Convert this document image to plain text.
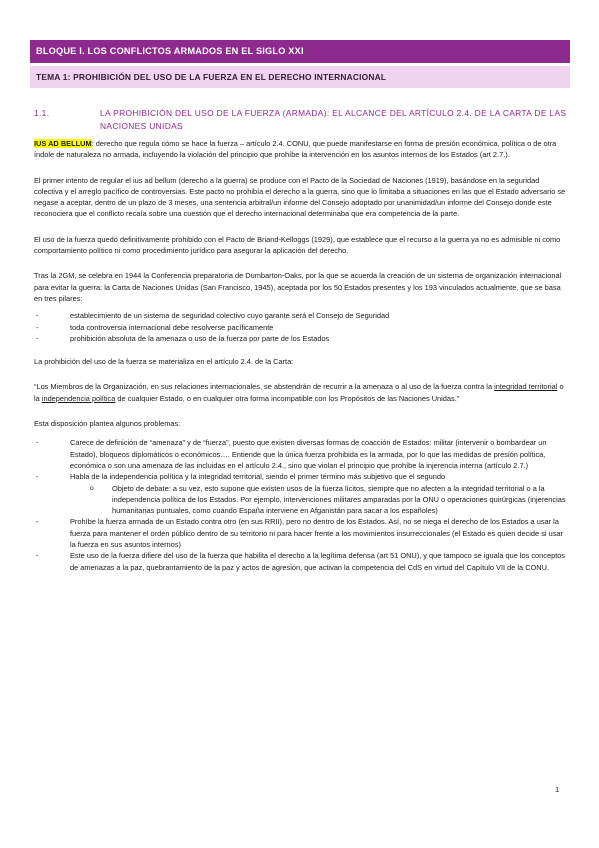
BLOQUE I. LOS CONFLICTOS ARMADOS EN EL SIGLO XXI
TEMA 1: PROHIBICIÓN DEL USO DE LA FUERZA EN EL DERECHO INTERNACIONAL
1.1.	LA PROHIBICIÓN DEL USO DE LA FUERZA (ARMADA): EL ALCANCE DEL ARTÍCULO 2.4. DE LA CARTA DE LAS NACIONES UNIDAS

IUS AD BELLUM: derecho que regula cómo se hace la fuerza – artículo 2.4. CONU, que puede manifestarse en forma de presión económica, política o de otra índole de naturaleza no armada, incluyendo la violación del principio que prohíbe la intervención en los asuntos internos de los Estados (art 2.7.).

El primer intento de regular el ius ad bellum (derecho a la guerra) se produce con el Pacto de la Sociedad de Naciones (1919), basándose en la seguridad colectiva y el arreglo pacífico de controversias. Este pacto no prohibía el derecho a la guerra, sino que lo limitaba a situaciones en las que el Estado adversario se negase a aceptar, dentro de un plazo de 3 meses, una sentencia arbitral/un informe del Consejo adoptado por unanimidad/un informe del Consejo donde este reconociera que el conflicto recaía sobre una cuestión que el derecho internacional determinaba que era competencia de la parte.

El uso de la fuerza quedó definitivamente prohibido con el Pacto de Briand-Kelloggs (1929), que establece que el recurso a la guerra ya no es admisible ni como comportamiento político ni como procedimiento jurídico para asegurar la aplicación del derecho.

Tras la 2GM, se celebra en 1944 la Conferencia preparatoria de Dumbarton-Oaks, por la que se acuerda la creación de un sistema de organización internacional para evitar la guerra: la Carta de Naciones Unidas (San Francisco, 1945), aceptada por los 50 Estados presentes y los 193 vinculados actualmente, que se basa en tres pilares:

- establecimiento de un sistema de seguridad colectivo cuyo garante será el Consejo de Seguridad
- toda controversia internacional debe resolverse pacíficamente
- prohibición absoluta de la amenaza o uso de la fuerza por parte de los Estados

La prohibición del uso de la fuerza se materializa en el artículo 2.4. de la Carta:

“Los Miembros de la Organización, en sus relaciones internacionales, se abstendrán de recurrir a la amenaza o al uso de la fuerza contra la integridad territorial o la independencia política de cualquier Estado, o en cualquier otra forma incompatible con los Propósitos de las Naciones Unidas.”

Esta disposición plantea algunos problemas:

- Carece de definición de “amenaza” y de “fuerza”, puesto que existen diversas formas de coacción de Estados: militar (intervenir o bombardear un Estado), bloqueos diplomáticos o económicos…. Entiende que la única fuerza prohibida es la armada, por lo que las medidas de presión política, económica o son una amenaza de las incluidas en el artículo 2.4., sino que violan el principio que prohíbe la injerencia interna (artículo 2.7.)
- Habla de la independencia política y la integridad territorial, siendo el primer término más subjetivo que el segundo
o Objeto de debate: a su vez, esto supone que existen usos de la fuerza lícitos, siempre que no afecten a la integridad territorial o a la independencia política de los Estados. Por ejemplo, intervenciones militares amparadas por la ONU o operaciones quirúrgicas (injerencias humanitarias puntuales, como cuando España interviene en Afganistán para sacar a los españoles)
- Prohíbe la fuerza armada de un Estado contra otro (en sus RRII), pero no dentro de los Estados. Así, no se niega el derecho de los Estados a usar la fuerza para mantener el orden público dentro de su territorio ni para hacer frente a los movimientos insurreccionales (el Estado es quien decide si usar la fuerza en sus asuntos internos)
- Este uso de la fuerza difiere del uso de la fuerza que habilita el derecho a la legítima defensa (art 51 ONU), y que tampoco se iguala que los conceptos de amenazas a la paz, quebrantamiento de la paz y actos de agresión, que activan la competencia del CdS en virtud del Capítulo VII de la CONU.
1
